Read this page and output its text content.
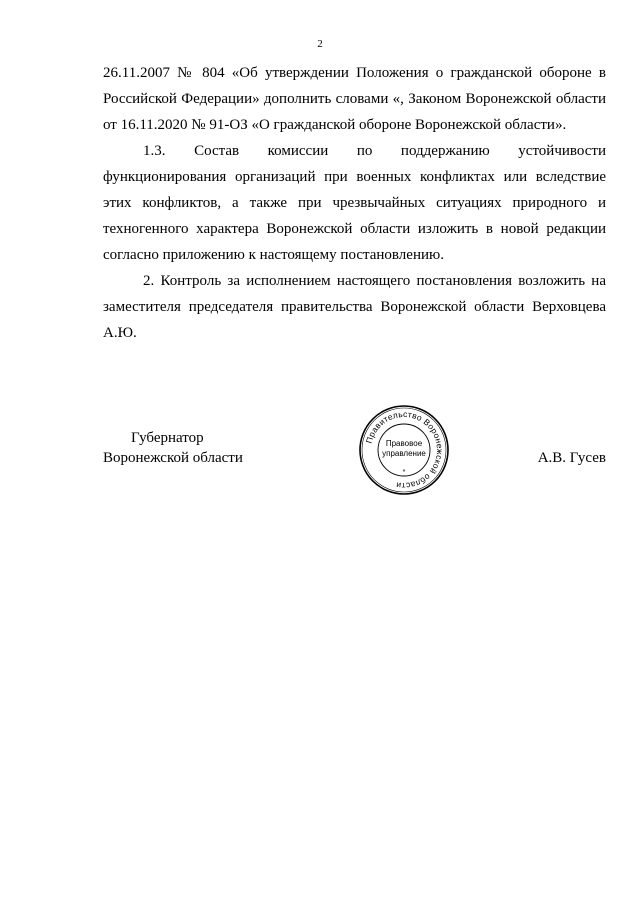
2

26.11.2007 № 804 «Об утверждении Положения о гражданской обороне в Российской Федерации» дополнить словами «, Законом Воронежской области от 16.11.2020 № 91-ОЗ «О гражданской обороне Воронежской области».

1.3. Состав комиссии по поддержанию устойчивости функционирования организаций при военных конфликтах или вследствие этих конфликтов, а также при чрезвычайных ситуациях природного и техногенного характера Воронежской области изложить в новой редакции согласно приложению к настоящему постановлению.

2. Контроль за исполнением настоящего постановления возложить на заместителя председателя правительства Воронежской области Верховцева А.Ю.

Губернатор
Воронежской области
Правительство Воронежской области
Правовое
управление
*
А.В. Гусев
